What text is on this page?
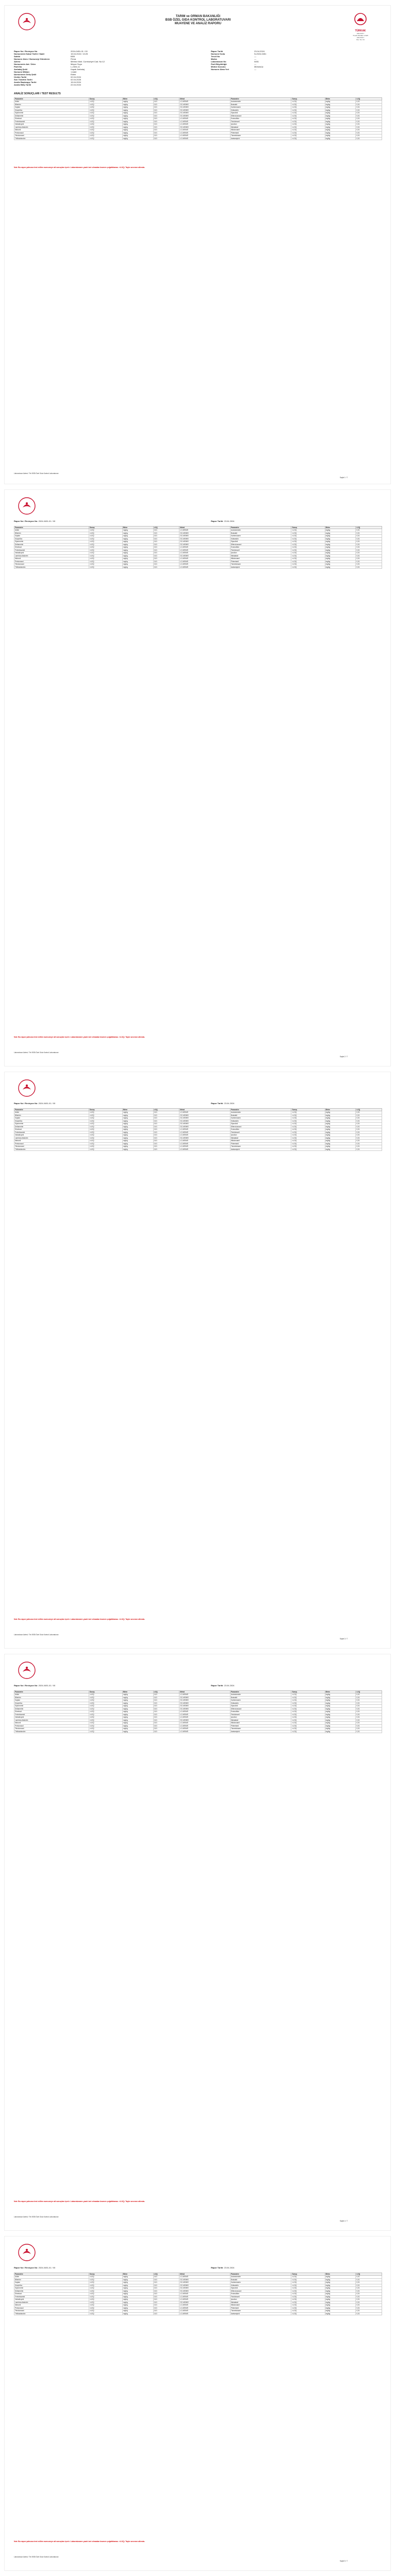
TARIM ve ORMAN BAKANLIĞI
BSB ÖZEL GIDA KONTROL LABORATUVARI
MUAYENE VE ANALİZ RAPORU
TÜRKAK
AB-0745-T
TS EN ISO/IEC 17025
AB-0745-T
Rev. No: 04
Rapor No / Revizyon No	2024-0451-01 / 00
Numunenin Kabul Tarihi / Saati	15.04.2024 / 10:25
Sahibi	BSB
Numune Alımı / Numuneyi Gönderen	Firma
Adresi	Merkez Mah. Cumhuriyet Cad. No:12
Numunenin Adı / Ürün	Meyve Suyu
Parti No	L-2404-11
Ambalaj Şekli	Kapalı Ambalaj
Numune Miktarı	1 Adet
Numunenin Geliş Şekli	Elden
Üretim Tarihi	02.04.2024
Son Tüketim Tarihi	02.04.2025
Analiz Başlangıç Tarihi	15.04.2024
Analiz Bitiş Tarihi	22.04.2024
Rapor Tarihi	23.04.2024
Numune Kodu	N-2024-0451
Tescil No	—
Marka	—
Laboratuvar No	0451
Parti Büyüklüğü	—
Mühür Durumu	Mühürsüz
Numune Alma Yeri	—
ANALİZ SONUÇLARI / TEST RESULTS
Parametre	Sonuç	Birim	LOQ	Metot	Parametre	Sonuç	Birim	LOQ
Aldrin	<LOQ	mg/kg	0,01	LC-MS/MS	Azoksistrobin	<LOQ	mg/kg	0,01
Bifentrin	<LOQ	mg/kg	0,01	GC-MS/MS	Boskalid	<LOQ	mg/kg	0,01
Kaptan	<LOQ	mg/kg	0,01	GC-MS/MS	Karbendazim	<LOQ	mg/kg	0,01
Klorpirifos	<LOQ	mg/kg	0,01	GC-MS/MS	Klotianidin	<LOQ	mg/kg	0,01
Sipermetrin	<LOQ	mg/kg	0,01	GC-MS/MS	Siprodinil	<LOQ	mg/kg	0,01
Deltametrin	<LOQ	mg/kg	0,01	GC-MS/MS	Difenokonazol	<LOQ	mg/kg	0,01
Dimetoat	<LOQ	mg/kg	0,01	LC-MS/MS	Endosülfan	<LOQ	mg/kg	0,01
Fenheksamid	<LOQ	mg/kg	0,01	LC-MS/MS	Fludioksonil	<LOQ	mg/kg	0,01
İmidakloprid	<LOQ	mg/kg	0,01	LC-MS/MS	İprodion	<LOQ	mg/kg	0,01
Lambda-sihalotrin	<LOQ	mg/kg	0,01	GC-MS/MS	Metalaksil	<LOQ	mg/kg	0,01
Metomil	<LOQ	mg/kg	0,01	LC-MS/MS	Miklobutanil	<LOQ	mg/kg	0,01
Penkonazol	<LOQ	mg/kg	0,01	LC-MS/MS	Pirimetanil	<LOQ	mg/kg	0,01
Tebukonazol	<LOQ	mg/kg	0,01	LC-MS/MS	Tiametoksam	<LOQ	mg/kg	0,01
Trifloksistrobin	<LOQ	mg/kg	0,01	LC-MS/MS	Asetamiprid	<LOQ	mg/kg	0,01
Not: Bu rapor yalnızca test edilen numuneye ait sonuçları içerir. Laboratuvarın yazılı izni olmadan kısmen çoğaltılamaz. <LOQ: Tayin sınırının altında.
Laboratuvar Adresi / Tel: BSB Özel Gıda Kontrol Laboratuvarı
Sayfa 1 / 7
Rapor No / Revizyon No: 2024-0451-01 / 00	Rapor Tarihi: 23.04.2024
Parametre	Sonuç	Birim	LOQ	Metot	Parametre	Sonuç	Birim	LOQ
Aldrin	<LOQ	mg/kg	0,01	LC-MS/MS	Azoksistrobin	<LOQ	mg/kg	0,01
Bifentrin	<LOQ	mg/kg	0,01	GC-MS/MS	Boskalid	<LOQ	mg/kg	0,01
Kaptan	<LOQ	mg/kg	0,01	GC-MS/MS	Karbendazim	<LOQ	mg/kg	0,01
Klorpirifos	<LOQ	mg/kg	0,01	GC-MS/MS	Klotianidin	<LOQ	mg/kg	0,01
Sipermetrin	<LOQ	mg/kg	0,01	GC-MS/MS	Siprodinil	<LOQ	mg/kg	0,01
Deltametrin	<LOQ	mg/kg	0,01	GC-MS/MS	Difenokonazol	<LOQ	mg/kg	0,01
Dimetoat	<LOQ	mg/kg	0,01	LC-MS/MS	Endosülfan	<LOQ	mg/kg	0,01
Fenheksamid	<LOQ	mg/kg	0,01	LC-MS/MS	Fludioksonil	<LOQ	mg/kg	0,01
İmidakloprid	<LOQ	mg/kg	0,01	LC-MS/MS	İprodion	<LOQ	mg/kg	0,01
Lambda-sihalotrin	<LOQ	mg/kg	0,01	GC-MS/MS	Metalaksil	<LOQ	mg/kg	0,01
Metomil	<LOQ	mg/kg	0,01	LC-MS/MS	Miklobutanil	<LOQ	mg/kg	0,01
Penkonazol	<LOQ	mg/kg	0,01	LC-MS/MS	Pirimetanil	<LOQ	mg/kg	0,01
Tebukonazol	<LOQ	mg/kg	0,01	LC-MS/MS	Tiametoksam	<LOQ	mg/kg	0,01
Trifloksistrobin	<LOQ	mg/kg	0,01	LC-MS/MS	Asetamiprid	<LOQ	mg/kg	0,01
Not: Bu rapor yalnızca test edilen numuneye ait sonuçları içerir. Laboratuvarın yazılı izni olmadan kısmen çoğaltılamaz. <LOQ: Tayin sınırının altında.
Laboratuvar Adresi / Tel: BSB Özel Gıda Kontrol Laboratuvarı
Sayfa 2 / 7
Rapor No / Revizyon No: 2024-0451-01 / 00	Rapor Tarihi: 23.04.2024
Parametre	Sonuç	Birim	LOQ	Metot	Parametre	Sonuç	Birim	LOQ
Aldrin	<LOQ	mg/kg	0,01	LC-MS/MS	Azoksistrobin	<LOQ	mg/kg	0,01
Bifentrin	<LOQ	mg/kg	0,01	GC-MS/MS	Boskalid	<LOQ	mg/kg	0,01
Kaptan	<LOQ	mg/kg	0,01	GC-MS/MS	Karbendazim	<LOQ	mg/kg	0,01
Klorpirifos	<LOQ	mg/kg	0,01	GC-MS/MS	Klotianidin	<LOQ	mg/kg	0,01
Sipermetrin	<LOQ	mg/kg	0,01	GC-MS/MS	Siprodinil	<LOQ	mg/kg	0,01
Deltametrin	<LOQ	mg/kg	0,01	GC-MS/MS	Difenokonazol	<LOQ	mg/kg	0,01
Dimetoat	<LOQ	mg/kg	0,01	LC-MS/MS	Endosülfan	<LOQ	mg/kg	0,01
Fenheksamid	<LOQ	mg/kg	0,01	LC-MS/MS	Fludioksonil	<LOQ	mg/kg	0,01
İmidakloprid	<LOQ	mg/kg	0,01	LC-MS/MS	İprodion	<LOQ	mg/kg	0,01
Lambda-sihalotrin	<LOQ	mg/kg	0,01	GC-MS/MS	Metalaksil	<LOQ	mg/kg	0,01
Metomil	<LOQ	mg/kg	0,01	LC-MS/MS	Miklobutanil	<LOQ	mg/kg	0,01
Penkonazol	<LOQ	mg/kg	0,01	LC-MS/MS	Pirimetanil	<LOQ	mg/kg	0,01
Tebukonazol	<LOQ	mg/kg	0,01	LC-MS/MS	Tiametoksam	<LOQ	mg/kg	0,01
Trifloksistrobin	<LOQ	mg/kg	0,01	LC-MS/MS	Asetamiprid	<LOQ	mg/kg	0,01
Not: Bu rapor yalnızca test edilen numuneye ait sonuçları içerir. Laboratuvarın yazılı izni olmadan kısmen çoğaltılamaz. <LOQ: Tayin sınırının altında.
Laboratuvar Adresi / Tel: BSB Özel Gıda Kontrol Laboratuvarı
Sayfa 3 / 7
Rapor No / Revizyon No: 2024-0451-01 / 00	Rapor Tarihi: 23.04.2024
Parametre	Sonuç	Birim	LOQ	Metot	Parametre	Sonuç	Birim	LOQ
Aldrin	<LOQ	mg/kg	0,01	LC-MS/MS	Azoksistrobin	<LOQ	mg/kg	0,01
Bifentrin	<LOQ	mg/kg	0,01	GC-MS/MS	Boskalid	<LOQ	mg/kg	0,01
Kaptan	<LOQ	mg/kg	0,01	GC-MS/MS	Karbendazim	<LOQ	mg/kg	0,01
Klorpirifos	<LOQ	mg/kg	0,01	GC-MS/MS	Klotianidin	<LOQ	mg/kg	0,01
Sipermetrin	<LOQ	mg/kg	0,01	GC-MS/MS	Siprodinil	<LOQ	mg/kg	0,01
Deltametrin	<LOQ	mg/kg	0,01	GC-MS/MS	Difenokonazol	<LOQ	mg/kg	0,01
Dimetoat	<LOQ	mg/kg	0,01	LC-MS/MS	Endosülfan	<LOQ	mg/kg	0,01
Fenheksamid	<LOQ	mg/kg	0,01	LC-MS/MS	Fludioksonil	<LOQ	mg/kg	0,01
İmidakloprid	<LOQ	mg/kg	0,01	LC-MS/MS	İprodion	<LOQ	mg/kg	0,01
Lambda-sihalotrin	<LOQ	mg/kg	0,01	GC-MS/MS	Metalaksil	<LOQ	mg/kg	0,01
Metomil	<LOQ	mg/kg	0,01	LC-MS/MS	Miklobutanil	<LOQ	mg/kg	0,01
Penkonazol	<LOQ	mg/kg	0,01	LC-MS/MS	Pirimetanil	<LOQ	mg/kg	0,01
Tebukonazol	<LOQ	mg/kg	0,01	LC-MS/MS	Tiametoksam	<LOQ	mg/kg	0,01
Trifloksistrobin	<LOQ	mg/kg	0,01	LC-MS/MS	Asetamiprid	<LOQ	mg/kg	0,01
Not: Bu rapor yalnızca test edilen numuneye ait sonuçları içerir. Laboratuvarın yazılı izni olmadan kısmen çoğaltılamaz. <LOQ: Tayin sınırının altında.
Laboratuvar Adresi / Tel: BSB Özel Gıda Kontrol Laboratuvarı
Sayfa 4 / 7
Rapor No / Revizyon No: 2024-0451-01 / 00	Rapor Tarihi: 23.04.2024
Parametre	Sonuç	Birim	LOQ	Metot	Parametre	Sonuç	Birim	LOQ
Aldrin	<LOQ	mg/kg	0,01	LC-MS/MS	Azoksistrobin	<LOQ	mg/kg	0,01
Bifentrin	<LOQ	mg/kg	0,01	GC-MS/MS	Boskalid	<LOQ	mg/kg	0,01
Kaptan	<LOQ	mg/kg	0,01	GC-MS/MS	Karbendazim	<LOQ	mg/kg	0,01
Klorpirifos	<LOQ	mg/kg	0,01	GC-MS/MS	Klotianidin	<LOQ	mg/kg	0,01
Sipermetrin	<LOQ	mg/kg	0,01	GC-MS/MS	Siprodinil	<LOQ	mg/kg	0,01
Deltametrin	<LOQ	mg/kg	0,01	GC-MS/MS	Difenokonazol	<LOQ	mg/kg	0,01
Dimetoat	<LOQ	mg/kg	0,01	LC-MS/MS	Endosülfan	<LOQ	mg/kg	0,01
Fenheksamid	<LOQ	mg/kg	0,01	LC-MS/MS	Fludioksonil	<LOQ	mg/kg	0,01
İmidakloprid	<LOQ	mg/kg	0,01	LC-MS/MS	İprodion	<LOQ	mg/kg	0,01
Lambda-sihalotrin	<LOQ	mg/kg	0,01	GC-MS/MS	Metalaksil	<LOQ	mg/kg	0,01
Metomil	<LOQ	mg/kg	0,01	LC-MS/MS	Miklobutanil	<LOQ	mg/kg	0,01
Penkonazol	<LOQ	mg/kg	0,01	LC-MS/MS	Pirimetanil	<LOQ	mg/kg	0,01
Tebukonazol	<LOQ	mg/kg	0,01	LC-MS/MS	Tiametoksam	<LOQ	mg/kg	0,01
Trifloksistrobin	<LOQ	mg/kg	0,01	LC-MS/MS	Asetamiprid	<LOQ	mg/kg	0,01
Not: Bu rapor yalnızca test edilen numuneye ait sonuçları içerir. Laboratuvarın yazılı izni olmadan kısmen çoğaltılamaz. <LOQ: Tayin sınırının altında.
Laboratuvar Adresi / Tel: BSB Özel Gıda Kontrol Laboratuvarı
Sayfa 5 / 7
